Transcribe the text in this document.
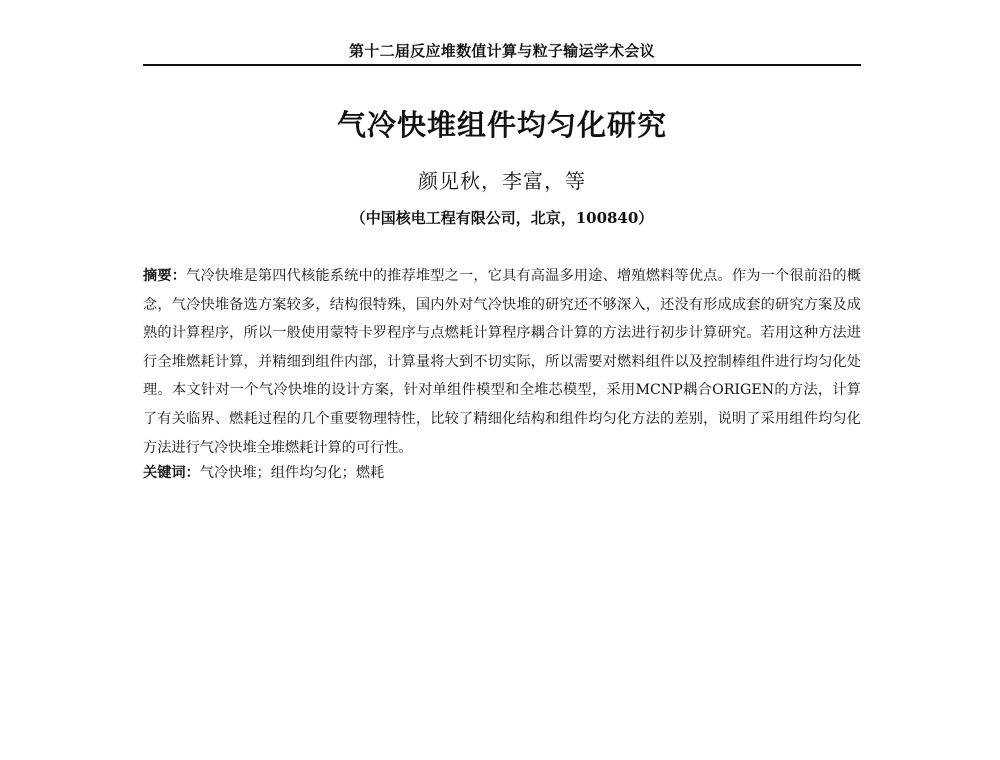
第十二届反应堆数值计算与粒子输运学术会议
气冷快堆组件均匀化研究
颜见秋，李富，等
（中国核电工程有限公司，北京，100840）

摘要：气冷快堆是第四代核能系统中的推荐堆型之一，它具有高温多用途、增殖燃料等优点。作为一个很前沿的概念，气冷快堆备选方案较多，结构很特殊，国内外对气冷快堆的研究还不够深入，还没有形成成套的研究方案及成熟的计算程序，所以一般使用蒙特卡罗程序与点燃耗计算程序耦合计算的方法进行初步计算研究。若用这种方法进行全堆燃耗计算，并精细到组件内部，计算量将大到不切实际，所以需要对燃料组件以及控制棒组件进行均匀化处理。本文针对一个气冷快堆的设计方案，针对单组件模型和全堆芯模型，采用MCNP耦合ORIGEN的方法，计算了有关临界、燃耗过程的几个重要物理特性，比较了精细化结构和组件均匀化方法的差别，说明了采用组件均匀化方法进行气冷快堆全堆燃耗计算的可行性。

关键词：气冷快堆；组件均匀化；燃耗
